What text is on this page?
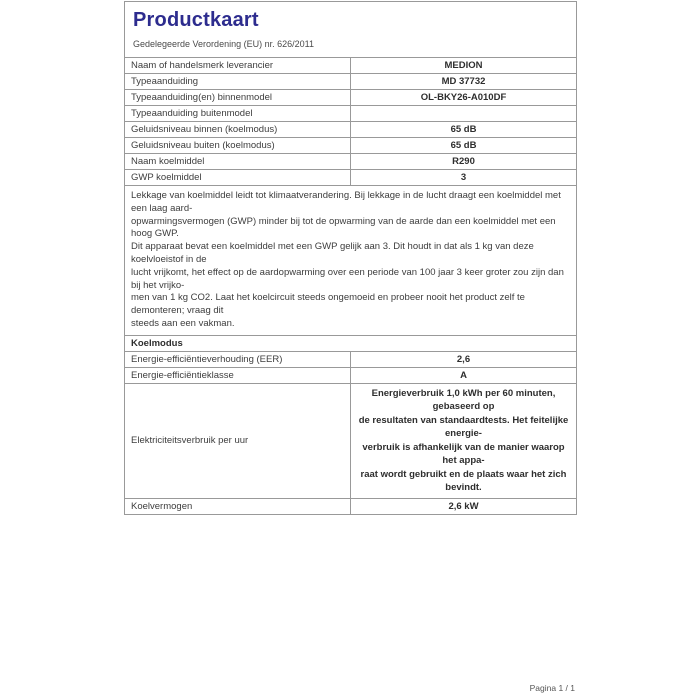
Productkaart
Gedelegeerde Verordening (EU) nr. 626/2011	

Naam of handelsmerk leverancier	MEDION
Typeaanduiding	MD 37732
Typeaanduiding(en) binnenmodel	OL-BKY26-A010DF
Typeaanduiding buitenmodel	
Geluidsniveau binnen (koelmodus)	65 dB
Geluidsniveau buiten (koelmodus)	65 dB
Naam koelmiddel	R290
GWP koelmiddel	3

Lekkage van koelmiddel leidt tot klimaatverandering. Bij lekkage in de lucht draagt een koelmiddel met een laag aard-
opwarmingsvermogen (GWP) minder bij tot de opwarming van de aarde dan een koelmiddel met een hoog GWP.
Dit apparaat bevat een koelmiddel met een GWP gelijk aan 3. Dit houdt in dat als 1 kg van deze koelvloeistof in de
lucht vrijkomt, het effect op de aardopwarming over een periode van 100 jaar 3 keer groter zou zijn dan bij het vrijko-
men van 1 kg CO2. Laat het koelcircuit steeds ongemoeid en probeer nooit het product zelf te demonteren; vraag dit
steeds aan een vakman.

Koelmodus	
Energie-efficiëntieverhouding (EER)	2,6
Energie-efficiëntieklasse	A
Elektriciteitsverbruik per uur	Energieverbruik 1,0 kWh per 60 minuten, gebaseerd op
de resultaten van standaardtests. Het feitelijke energie-
verbruik is afhankelijk van de manier waarop het appa-
raat wordt gebruikt en de plaats waar het zich bevindt.

Koelvermogen	2,6 kW
Pagina 1 / 1
